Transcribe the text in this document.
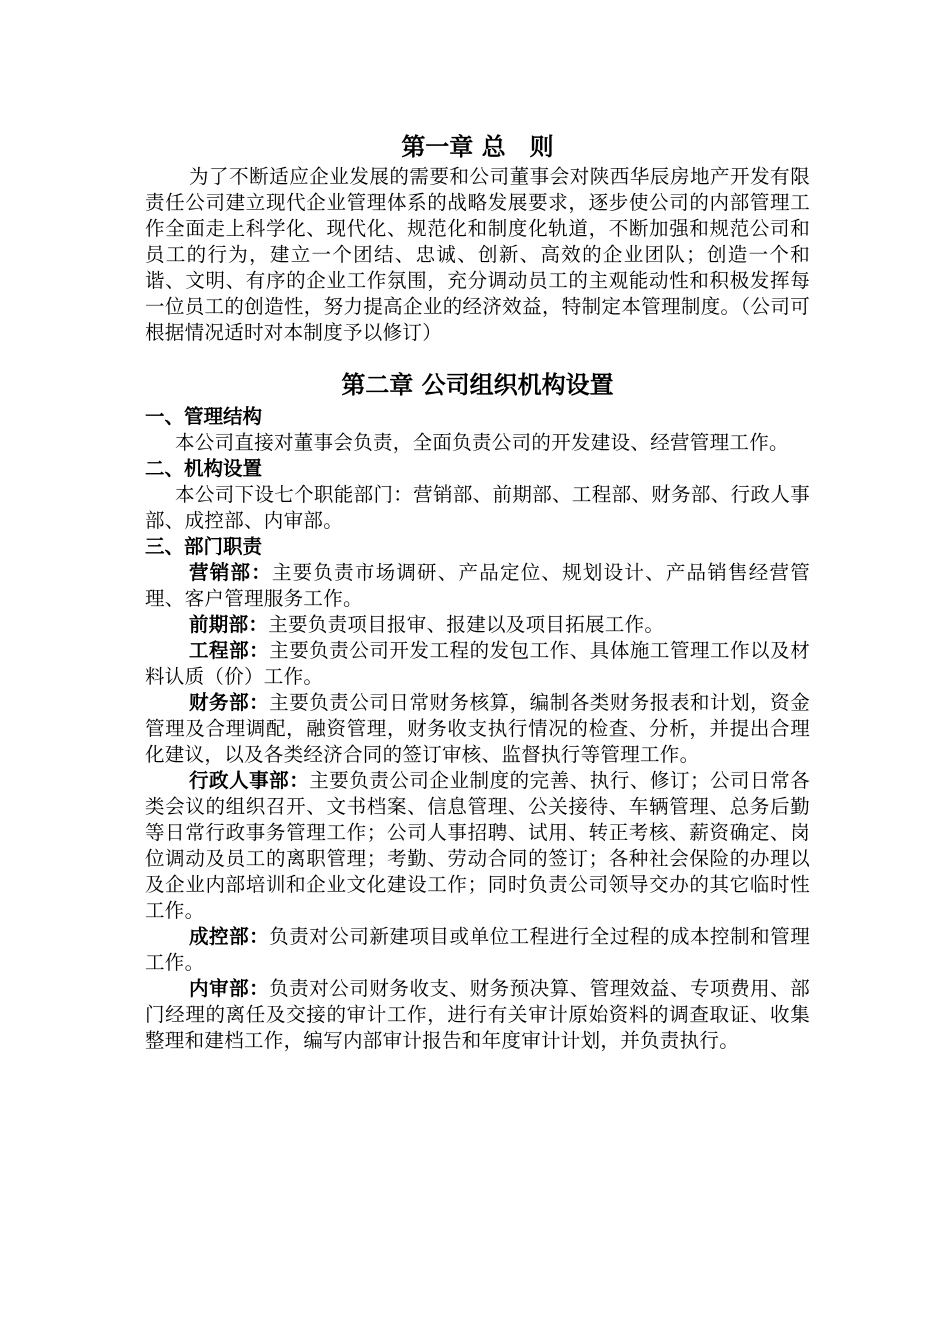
第一章 总　则

为了不断适应企业发展的需要和公司董事会对陕西华辰房地产开发有限责任公司建立现代企业管理体系的战略发展要求，逐步使公司的内部管理工作全面走上科学化、现代化、规范化和制度化轨道，不断加强和规范公司和员工的行为，建立一个团结、忠诚、创新、高效的企业团队；创造一个和谐、文明、有序的企业工作氛围，充分调动员工的主观能动性和积极发挥每一位员工的创造性，努力提高企业的经济效益，特制定本管理制度。（公司可根据情况适时对本制度予以修订）

第二章 公司组织机构设置
一、管理结构

本公司直接对董事会负责，全面负责公司的开发建设、经营管理工作。

二、机构设置

本公司下设七个职能部门：营销部、前期部、工程部、财务部、行政人事部、成控部、内审部。

三、部门职责

营销部：主要负责市场调研、产品定位、规划设计、产品销售经营管理、客户管理服务工作。

前期部：主要负责项目报审、报建以及项目拓展工作。

工程部：主要负责公司开发工程的发包工作、具体施工管理工作以及材料认质（价）工作。

财务部：主要负责公司日常财务核算，编制各类财务报表和计划，资金管理及合理调配，融资管理，财务收支执行情况的检查、分析，并提出合理化建议，以及各类经济合同的签订审核、监督执行等管理工作。

行政人事部：主要负责公司企业制度的完善、执行、修订；公司日常各类会议的组织召开、文书档案、信息管理、公关接待、车辆管理、总务后勤等日常行政事务管理工作；公司人事招聘、试用、转正考核、薪资确定、岗位调动及员工的离职管理；考勤、劳动合同的签订；各种社会保险的办理以及企业内部培训和企业文化建设工作；同时负责公司领导交办的其它临时性工作。

成控部：负责对公司新建项目或单位工程进行全过程的成本控制和管理工作。

内审部：负责对公司财务收支、财务预决算、管理效益、专项费用、部门经理的离任及交接的审计工作，进行有关审计原始资料的调查取证、收集整理和建档工作，编写内部审计报告和年度审计计划，并负责执行。
